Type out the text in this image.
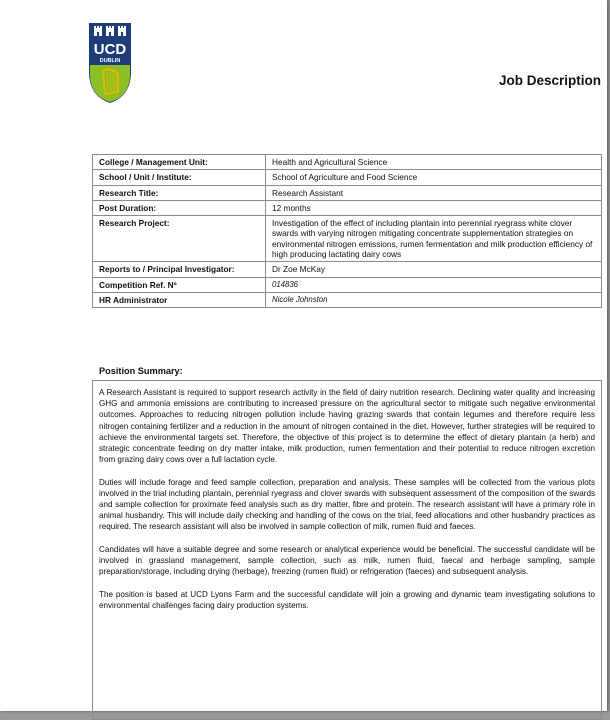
UCD
DUBLIN
Job Description
College / Management Unit:	Health and Agricultural Science
School / Unit / Institute:	School of Agriculture and Food Science
Research Title:	Research Assistant
Post Duration:	12 months
Research Project:	Investigation of the effect of including plantain into perennial ryegrass white clover swards with varying nitrogen mitigating concentrate supplementation strategies on environmental nitrogen emissions, rumen fermentation and milk production efficiency of high producing lactating dairy cows
Reports to / Principal Investigator:	Dr Zoe McKay
Competition Ref. Nº	014836
HR Administrator	Nicole Johnston
Position Summary:

A Research Assistant is required to support research activity in the field of dairy nutrition research. Declining water quality and increasing GHG and ammonia emissions are contributing to increased pressure on the agricultural sector to mitigate such negative environmental outcomes. Approaches to reducing nitrogen pollution include having grazing swards that contain legumes and therefore require less nitrogen containing fertilizer and a reduction in the amount of nitrogen contained in the diet. However, further strategies will be required to achieve the environmental targets set. Therefore, the objective of this project is to determine the effect of dietary plantain (a herb) and strategic concentrate feeding on dry matter intake, milk production, rumen fermentation and their potential to reduce nitrogen excretion from grazing dairy cows over a full lactation cycle.

Duties will include forage and feed sample collection, preparation and analysis. These samples will be collected from the various plots involved in the trial including plantain, perennial ryegrass and clover swards with subsequent assessment of the composition of the swards and sample collection for proximate feed analysis such as dry matter, fibre and protein. The research assistant will have a primary role in animal husbandry. This will include daily checking and handling of the cows on the trial, feed allocations and other husbandry practices as required. The research assistant will also be involved in sample collection of milk, rumen fluid and faeces.

Candidates will have a suitable degree and some research or analytical experience would be beneficial. The successful candidate will be involved in grassland management, sample collection, such as milk, rumen fluid, faecal and herbage sampling, sample preparation/storage, including drying (herbage), freezing (rumen fluid) or refrigeration (faeces) and subsequent analysis.

The position is based at UCD Lyons Farm and the successful candidate will join a growing and dynamic team investigating solutions to environmental challenges facing dairy production systems.
